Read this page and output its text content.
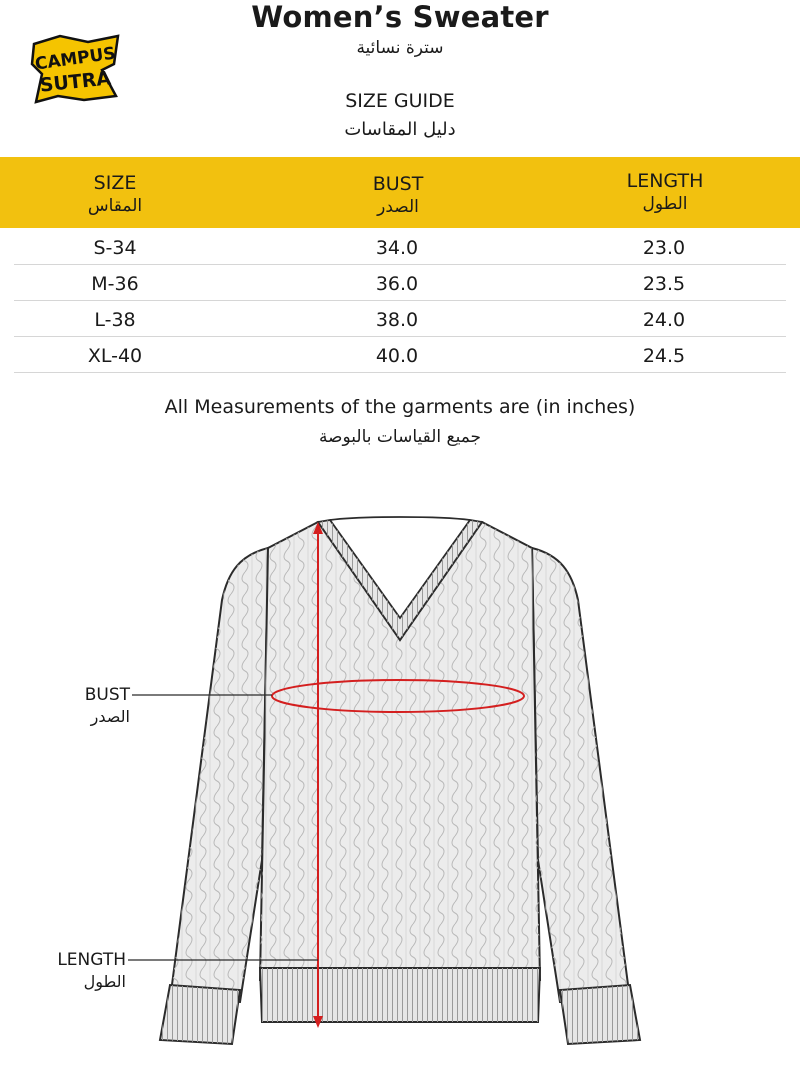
Women’s Sweater
سترة نسائية
CAMPUS
SUTRA
SIZE GUIDE
دليل المقاسات
SIZE
المقاس
BUST
الصدر
LENGTH
الطول
S-34	34.0	23.0
M-36	36.0	23.5
L-38	38.0	24.0
XL-40	40.0	24.5
All Measurements of the garments are (in inches)
جميع القياسات بالبوصة
BUST
الصدر
LENGTH
الطول
